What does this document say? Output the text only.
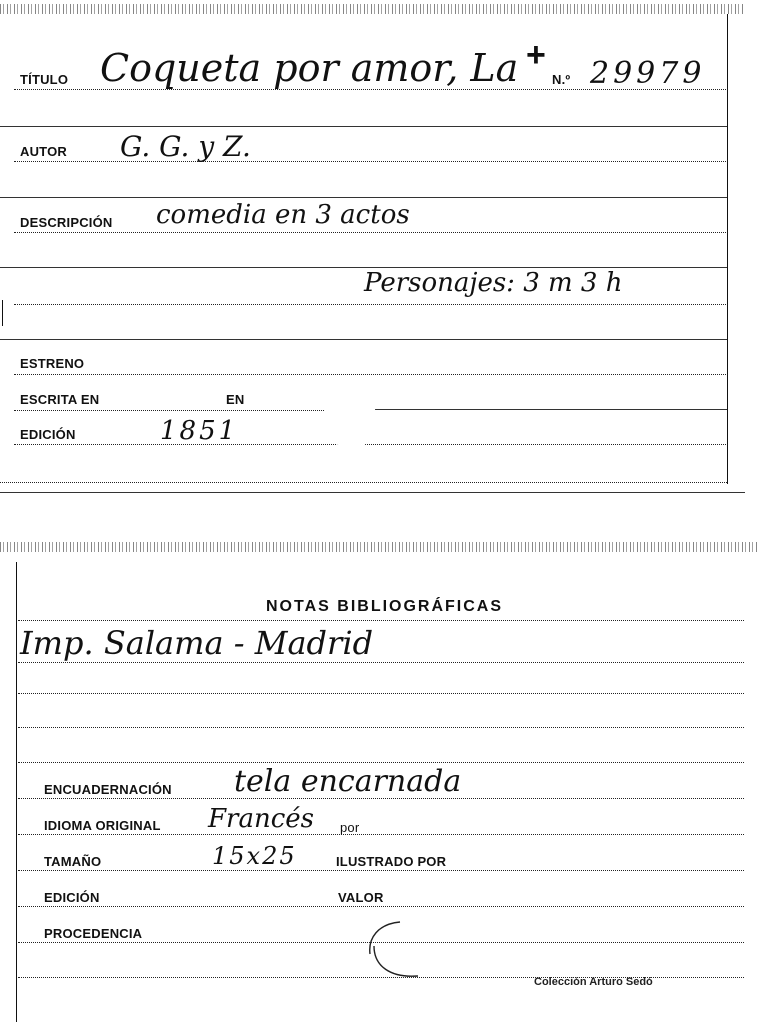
TÍTULO Coqueta por amor, La +
N.º 29979
AUTOR G. G. y Z.
DESCRIPCIÓN comedia en 3 actos
Personajes: 3 m 3 h
ESTRENO
ESCRITA EN	EN
EDICIÓN	1851
NOTAS BIBLIOGRÁFICAS
Imp. Salama - Madrid
ENCUADERNACIÓN tela encarnada
IDIOMA ORIGINAL Francés por
TAMAÑO	15x25	ILUSTRADO POR
EDICIÓN	VALOR
PROCEDENCIA
Colección Arturo Sedó
